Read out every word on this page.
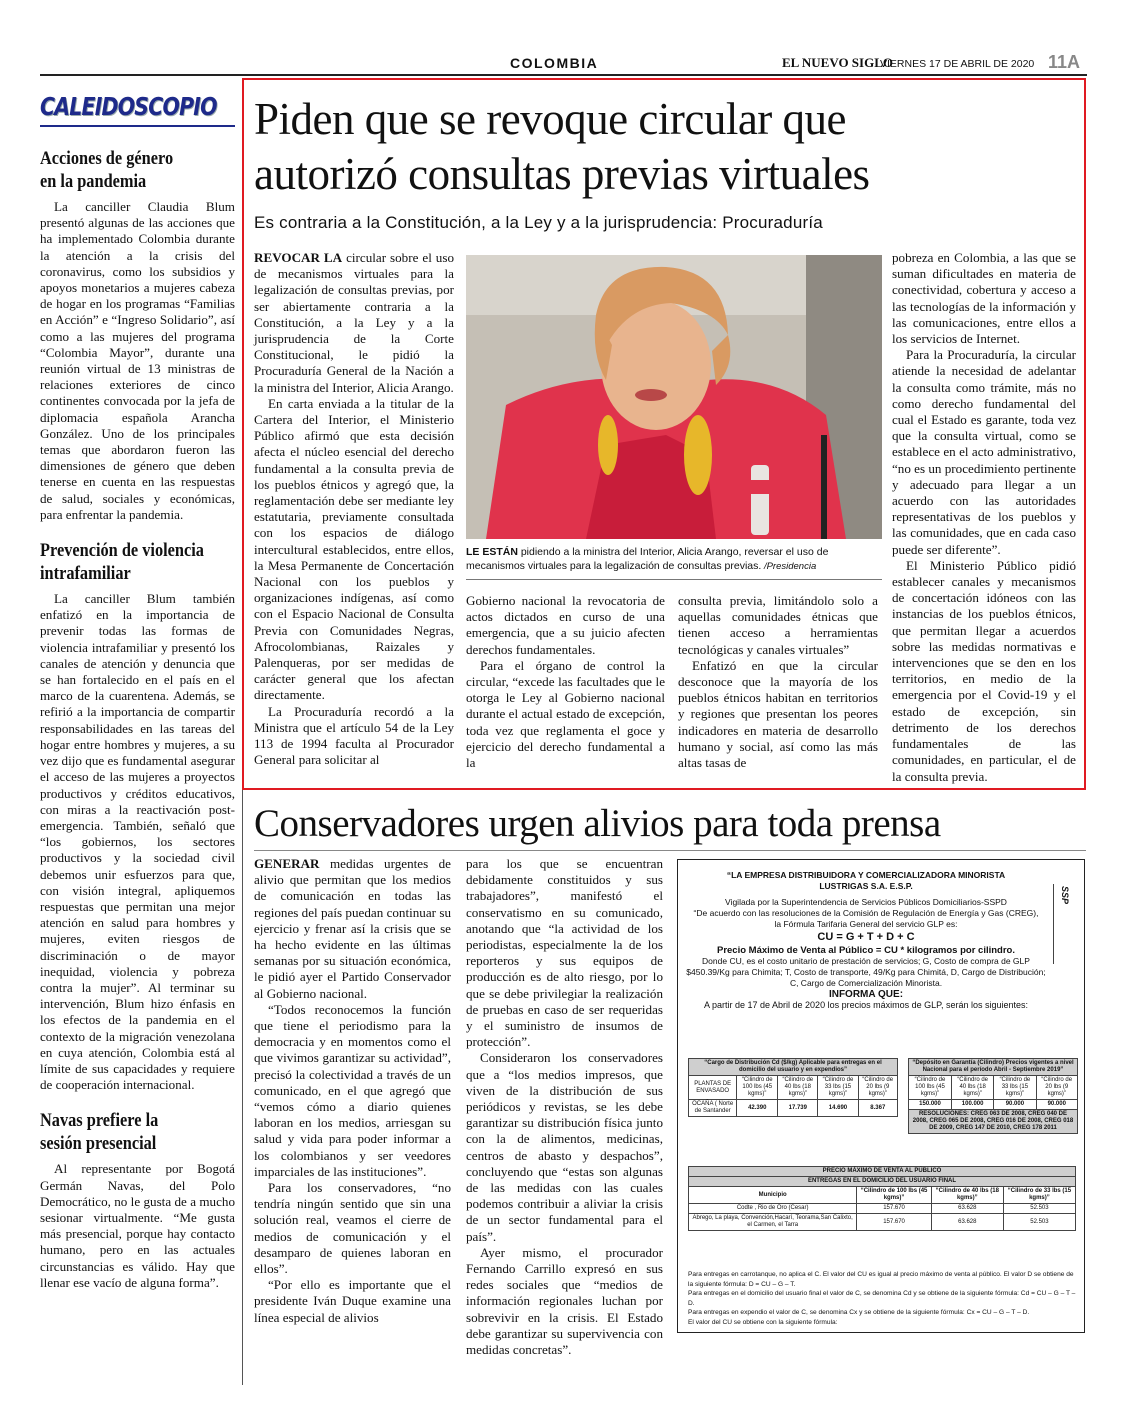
COLOMBIA	EL NUEVO SIGLO
VIERNES 17 DE ABRIL DE 2020 11A
CALEIDOSCOPIO
Acciones de género en la pandemia

La canciller Claudia Blum presentó algunas de las acciones que ha implementado Colombia durante la atención a la crisis del coronavirus, como los subsidios y apoyos monetarios a mujeres cabeza de hogar en los programas “Familias en Acción” e “Ingreso Solidario”, así como a las mujeres del programa “Colombia Mayor”, durante una reunión virtual de 13 ministras de relaciones exteriores de cinco continentes convocada por la jefa de diplomacia española Arancha González. Uno de los principales temas que abordaron fueron las dimensiones de género que deben tenerse en cuenta en las respuestas de salud, sociales y económicas, para enfrentar la pandemia.

Prevención de violencia intrafamiliar

La canciller Blum también enfatizó en la importancia de prevenir todas las formas de violencia intrafamiliar y presentó los canales de atención y denuncia que se han fortalecido en el país en el marco de la cuarentena. Además, se refirió a la importancia de compartir responsabilidades en las tareas del hogar entre hombres y mujeres, a su vez dijo que es fundamental asegurar el acceso de las mujeres a proyectos productivos y créditos educativos, con miras a la reactivación post-emergencia. También, señaló que “los gobiernos, los sectores productivos y la sociedad civil debemos unir esfuerzos para que, con visión integral, apliquemos respuestas que permitan una mejor atención en salud para hombres y mujeres, eviten riesgos de discriminación o de mayor inequidad, violencia y pobreza contra la mujer”. Al terminar su intervención, Blum hizo énfasis en los efectos de la pandemia en el contexto de la migración venezolana en cuya atención, Colombia está al límite de sus capacidades y requiere de cooperación internacional.

Navas prefiere la sesión presencial

Al representante por Bogotá Germán Navas, del Polo Democrático, no le gusta de a mucho sesionar virtualmente. “Me gusta más presencial, porque hay contacto humano, pero en las actuales circunstancias es válido. Hay que llenar ese vacío de alguna forma”.

Piden que se revoque circular que
autorizó consultas previas virtuales
Es contraria a la Constitución, a la Ley y a la jurisprudencia: Procuraduría

REVOCAR LA circular sobre el uso de mecanismos virtuales para la legalización de consultas previas, por ser abiertamente contraria a la Constitución, a la Ley y a la jurisprudencia de la Corte Constitucional, le pidió la Procuraduría General de la Nación a la ministra del Interior, Alicia Arango.

En carta enviada a la titular de la Cartera del Interior, el Ministerio Público afirmó que esta decisión afecta el núcleo esencial del derecho fundamental a la consulta previa de los pueblos étnicos y agregó que, la reglamentación debe ser mediante ley estatutaria, previamente consultada con los espacios de diálogo intercultural establecidos, entre ellos, la Mesa Permanente de Concertación Nacional con los pueblos y organizaciones indígenas, así como con el Espacio Nacional de Consulta Previa con Comunidades Negras, Afrocolombianas, Raizales y Palenqueras, por ser medidas de carácter general que los afectan directamente.

La Procuraduría recordó a la Ministra que el artículo 54 de la Ley 113 de 1994 faculta al Procurador General para solicitar al

LE ESTÁN pidiendo a la ministra del Interior, Alicia Arango, reversar el uso de mecanismos virtuales para la legalización de consultas previas. /Presidencia

Gobierno nacional la revocatoria de actos dictados en curso de una emergencia, que a su juicio afecten derechos fundamentales.

Para el órgano de control la circular, “excede las facultades que le otorga le Ley al Gobierno nacional durante el actual estado de excepción, toda vez que reglamenta el goce y ejercicio del derecho fundamental a la

consulta previa, limitándolo solo a aquellas comunidades étnicas que tienen acceso a herramientas tecnológicas y canales virtuales”

Enfatizó en que la circular desconoce que la mayoría de los pueblos étnicos habitan en territorios y regiones que presentan los peores indicadores en materia de desarrollo humano y social, así como las más altas tasas de

pobreza en Colombia, a las que se suman dificultades en materia de conectividad, cobertura y acceso a las tecnologías de la información y las comunicaciones, entre ellos a los servicios de Internet.

Para la Procuraduría, la circular atiende la necesidad de adelantar la consulta como trámite, más no como derecho fundamental del cual el Estado es garante, toda vez que la consulta virtual, como se establece en el acto administrativo, “no es un procedimiento pertinente y adecuado para llegar a un acuerdo con las autoridades representativas de los pueblos y las comunidades, que en cada caso puede ser diferente”.

El Ministerio Público pidió establecer canales y mecanismos de concertación idóneos con las instancias de los pueblos étnicos, que permitan llegar a acuerdos sobre las medidas normativas e intervenciones que se den en los territorios, en medio de la emergencia por el Covid-19 y el estado de excepción, sin detrimento de los derechos fundamentales de las comunidades, en particular, el de la consulta previa.

Conservadores urgen alivios para toda prensa

GENERAR medidas urgentes de alivio que permitan que los medios de comunicación en todas las regiones del país puedan continuar su ejercicio y frenar así la crisis que se ha hecho evidente en las últimas semanas por su situación económica, le pidió ayer el Partido Conservador al Gobierno nacional.

“Todos reconocemos la función que tiene el periodismo para la democracia y en momentos como el que vivimos garantizar su actividad”, precisó la colectividad a través de un comunicado, en el que agregó que “vemos cómo a diario quienes laboran en los medios, arriesgan su salud y vida para poder informar a los colombianos y ser veedores imparciales de las instituciones”.

Para los conservadores, “no tendría ningún sentido que sin una solución real, veamos el cierre de medios de comunicación y el desamparo de quienes laboran en ellos”.

“Por ello es importante que el presidente Iván Duque examine una línea especial de alivios

para los que se encuentran debidamente constituidos y sus trabajadores”, manifestó el conservatismo en su comunicado, anotando que “la actividad de los periodistas, especialmente la de los reporteros y sus equipos de producción es de alto riesgo, por lo que se debe privilegiar la realización de pruebas en caso de ser requeridas y el suministro de insumos de protección”.

Consideraron los conservadores que a “los medios impresos, que viven de la distribución de sus periódicos y revistas, se les debe garantizar su distribución física junto con la de alimentos, medicinas, centros de abasto y despachos”, concluyendo que “estas son algunas de las medidas con las cuales podemos contribuir a aliviar la crisis de un sector fundamental para el país”.

Ayer mismo, el procurador Fernando Carrillo expresó en sus redes sociales que “medios de información regionales luchan por sobrevivir en la crisis. El Estado debe garantizar su supervivencia con medidas concretas”.

SSP
“LA EMPRESA DISTRIBUIDORA Y COMERCIALIZADORA MINORISTA
LUSTRIGAS S.A. E.S.P.
Vigilada por la Superintendencia de Servicios Públicos Domiciliarios-SSPD
“De acuerdo con las resoluciones de la Comisión de Regulación de Energía y Gas (CREG),
la Fórmula Tarifaria General del servicio GLP es:
CU = G + T + D + C
Precio Máximo de Venta al Público = CU * kilogramos por cilindro.
Donde CU, es el costo unitario de prestación de servicios; G, Costo de compra de GLP $450.39/Kg para Chimita; T, Costo de transporte, 49/Kg para Chimitá, D, Cargo de Distribución; C, Cargo de Comercialización Minorista.
INFORMA QUE:
A partir de 17 de Abril de 2020 los precios máximos de GLP, serán los siguientes:
“Cargo de Distribución Cd ($/kg) Aplicable para entregas en el domicilio del usuario y en expendios”				
PLANTAS DE ENVASADO	“Cilindro de 100 lbs (45 kgms)”	“Cilindro de 40 lbs (18 kgms)”	“Cilindro de 33 lbs (15 kgms)”	“Cilindro de 20 lbs (9 kgms)”
OCAÑA ( Norte de Santander	42.390	17.739	14.690	8.367
“Depósito en Garantía (Cilindro) Precios vigentes a nivel Nacional para el período Abril - Septiembre 2019”			
“Cilindro de 100 lbs (45 kgms)”	“Cilindro de 40 lbs (18 kgms)”	“Cilindro de 33 lbs (15 kgms)”	“Cilindro de 20 lbs (9 kgms)”
150.000	100.000	90.000	90.000
RESOLUCIONES: CREG 063 DE 2008, CREG 040 DE 2008, CREG 065 DE 2008, CREG 016 DE 2008, CREG 018 DE 2009, CREG 147 DE 2010, CREG 178 2011			
PRECIO MÁXIMO DE VENTA AL PÚBLICO			
ENTREGAS EN EL DOMICILIO DEL USUARIO FINAL			
Municipio	“Cilindro de 100 lbs (45 kgms)”	“Cilindro de 40 lbs (18 kgms)”	“Cilindro de 33 lbs (15 kgms)”
Codte , Rio de Oro (Cesar)	157.670	63.628	52.503
Abrego, La playa, Convención,Hacarí, Teorama,San Calixto, el Carmen, el Tarra	157.670	63.628	52.503
Para entregas en carrotanque, no aplica el C. El valor del CU es igual al precio máximo de venta al público. El valor D se obtiene de la siguiente fórmula: D = CU – G – T.
Para entregas en el domicilio del usuario final el valor de C, se denomina Cd y se obtiene de la siguiente fórmula: Cd = CU – G – T – D.
Para entregas en expendio el valor de C, se denomina Cx y se obtiene de la siguiente fórmula: Cx = CU – G – T – D.
El valor del CU se obtiene con la siguiente fórmula:
